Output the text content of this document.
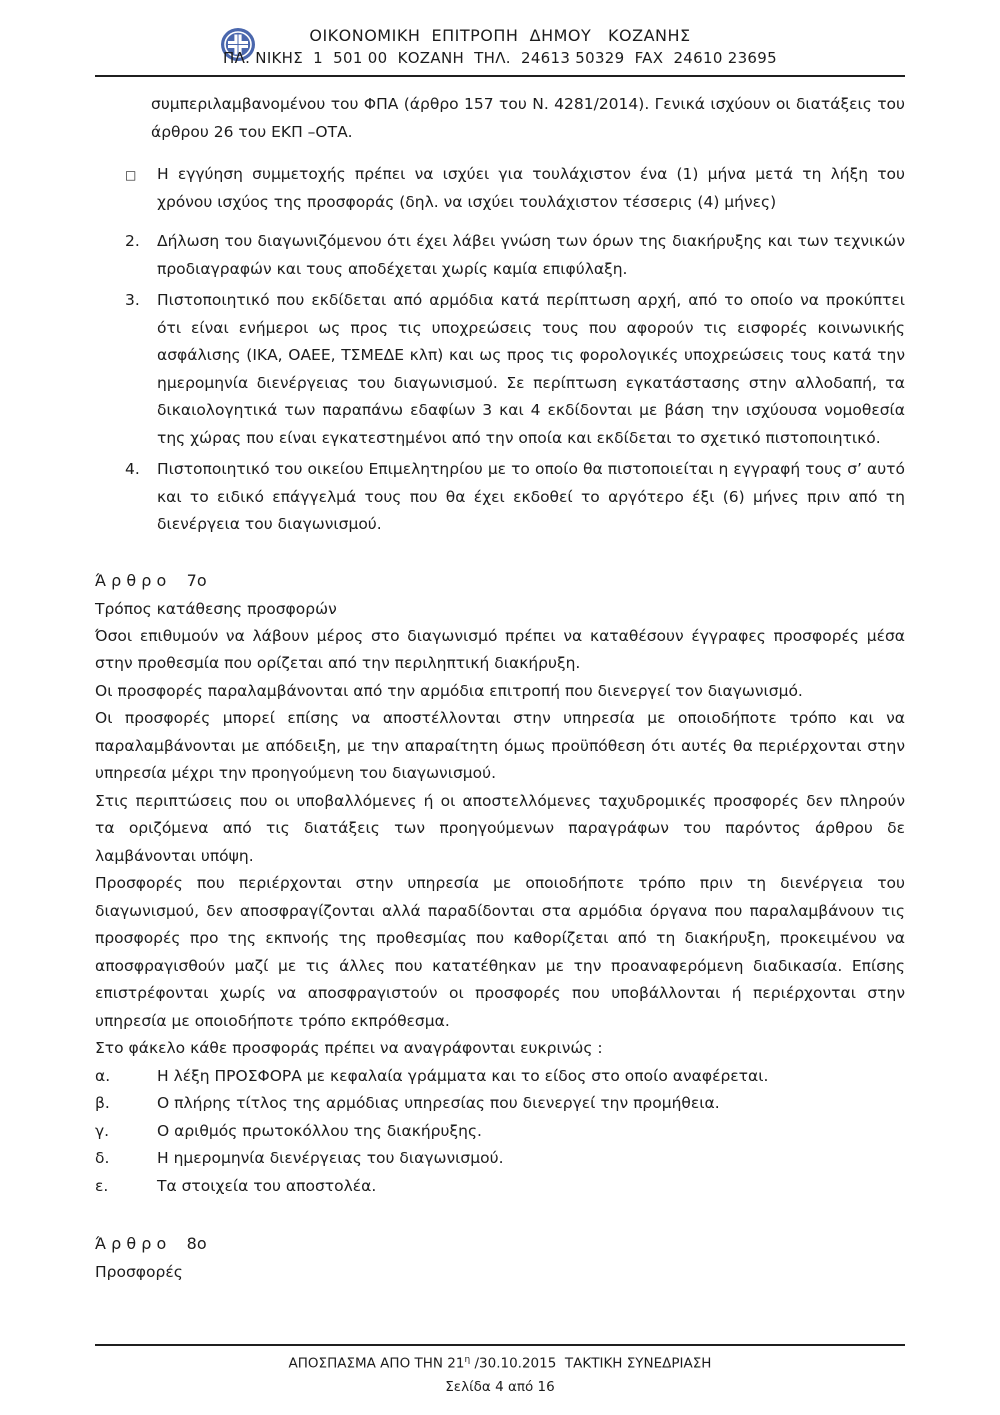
ΟΙΚΟΝΟΜΙΚΗ  ΕΠΙΤΡΟΠΗ  ΔΗΜΟΥ   ΚΟΖΑΝΗΣ
ΠΛ. ΝΙΚΗΣ  1  501 00  ΚΟΖΑΝΗ  ΤΗΛ.  24613 50329  FAX  24610 23695

συμπεριλαμβανομένου του ΦΠΑ (άρθρο 157 του Ν. 4281/2014). Γενικά ισχύουν οι διατάξεις του άρθρου 26 του ΕΚΠ –ΟΤΑ.

□ Η εγγύηση συμμετοχής πρέπει να ισχύει για τουλάχιστον ένα (1) μήνα μετά τη λήξη του χρόνου ισχύος της προσφοράς (δηλ. να ισχύει τουλάχιστον τέσσερις (4) μήνες)
2. Δήλωση του διαγωνιζόμενου ότι έχει λάβει γνώση των όρων της διακήρυξης και των τεχνικών προδιαγραφών και τους αποδέχεται χωρίς καμία επιφύλαξη.
3. Πιστοποιητικό που εκδίδεται από αρμόδια κατά περίπτωση αρχή, από το οποίο να προκύπτει ότι είναι ενήμεροι ως προς τις υποχρεώσεις τους που αφορούν τις εισφορές κοινωνικής ασφάλισης (ΙΚΑ, ΟΑΕΕ, ΤΣΜΕΔΕ κλπ) και ως προς τις φορολογικές υποχρεώσεις τους κατά την ημερομηνία διενέργειας του διαγωνισμού. Σε περίπτωση εγκατάστασης στην αλλοδαπή, τα δικαιολογητικά των παραπάνω εδαφίων 3 και 4 εκδίδονται με βάση την ισχύουσα νομοθεσία της χώρας που είναι εγκατεστημένοι από την οποία και εκδίδεται το σχετικό πιστοποιητικό.
4. Πιστοποιητικό του οικείου Επιμελητηρίου με το οποίο θα πιστοποιείται η εγγραφή τους σ’ αυτό και το ειδικό επάγγελμά τους που θα έχει εκδοθεί το αργότερο έξι (6) μήνες πριν από τη διενέργεια του διαγωνισμού.
Ά ρ θ ρ ο    7ο
Τρόπος κατάθεσης προσφορών

Όσοι επιθυμούν να λάβουν μέρος στο διαγωνισμό πρέπει να καταθέσουν έγγραφες προσφορές μέσα στην προθεσμία που ορίζεται από την περιληπτική διακήρυξη.

Οι προσφορές παραλαμβάνονται από την αρμόδια επιτροπή που διενεργεί τον διαγωνισμό.

Οι προσφορές μπορεί επίσης να αποστέλλονται στην υπηρεσία με οποιοδήποτε τρόπο και να παραλαμβάνονται με απόδειξη, με την απαραίτητη όμως προϋπόθεση ότι αυτές θα περιέρχονται στην υπηρεσία μέχρι την προηγούμενη του διαγωνισμού.

Στις περιπτώσεις που οι υποβαλλόμενες ή οι αποστελλόμενες ταχυδρομικές προσφορές δεν πληρούν τα οριζόμενα από τις διατάξεις των προηγούμενων παραγράφων του παρόντος άρθρου δε λαμβάνονται υπόψη.

Προσφορές που περιέρχονται στην υπηρεσία με οποιοδήποτε τρόπο πριν τη διενέργεια του διαγωνισμού, δεν αποσφραγίζονται αλλά παραδίδονται στα αρμόδια όργανα που παραλαμβάνουν τις προσφορές προ της εκπνοής της προθεσμίας που καθορίζεται από τη διακήρυξη, προκειμένου να αποσφραγισθούν μαζί με τις άλλες που κατατέθηκαν με την προαναφερόμενη διαδικασία. Επίσης επιστρέφονται χωρίς να αποσφραγιστούν οι προσφορές που υποβάλλονται ή περιέρχονται στην υπηρεσία με οποιοδήποτε τρόπο εκπρόθεσμα.

Στο φάκελο κάθε προσφοράς πρέπει να αναγράφονται ευκρινώς :

α.	Η λέξη ΠΡΟΣΦΟΡΑ με κεφαλαία γράμματα και το είδος στο οποίο αναφέρεται.
β.	Ο πλήρης τίτλος της αρμόδιας υπηρεσίας που διενεργεί την προμήθεια.
γ.	Ο αριθμός πρωτοκόλλου της διακήρυξης.
δ.	Η ημερομηνία διενέργειας του διαγωνισμού.
ε.	Τα στοιχεία του αποστολέα.
Ά ρ θ ρ ο    8ο
Προσφορές
ΑΠΟΣΠΑΣΜΑ ΑΠΟ ΤΗΝ $21^\eta$ /30.10.2015  ΤΑΚΤΙΚΗ ΣΥΝΕΔΡΙΑΣΗ
Σελίδα 4 από 16
